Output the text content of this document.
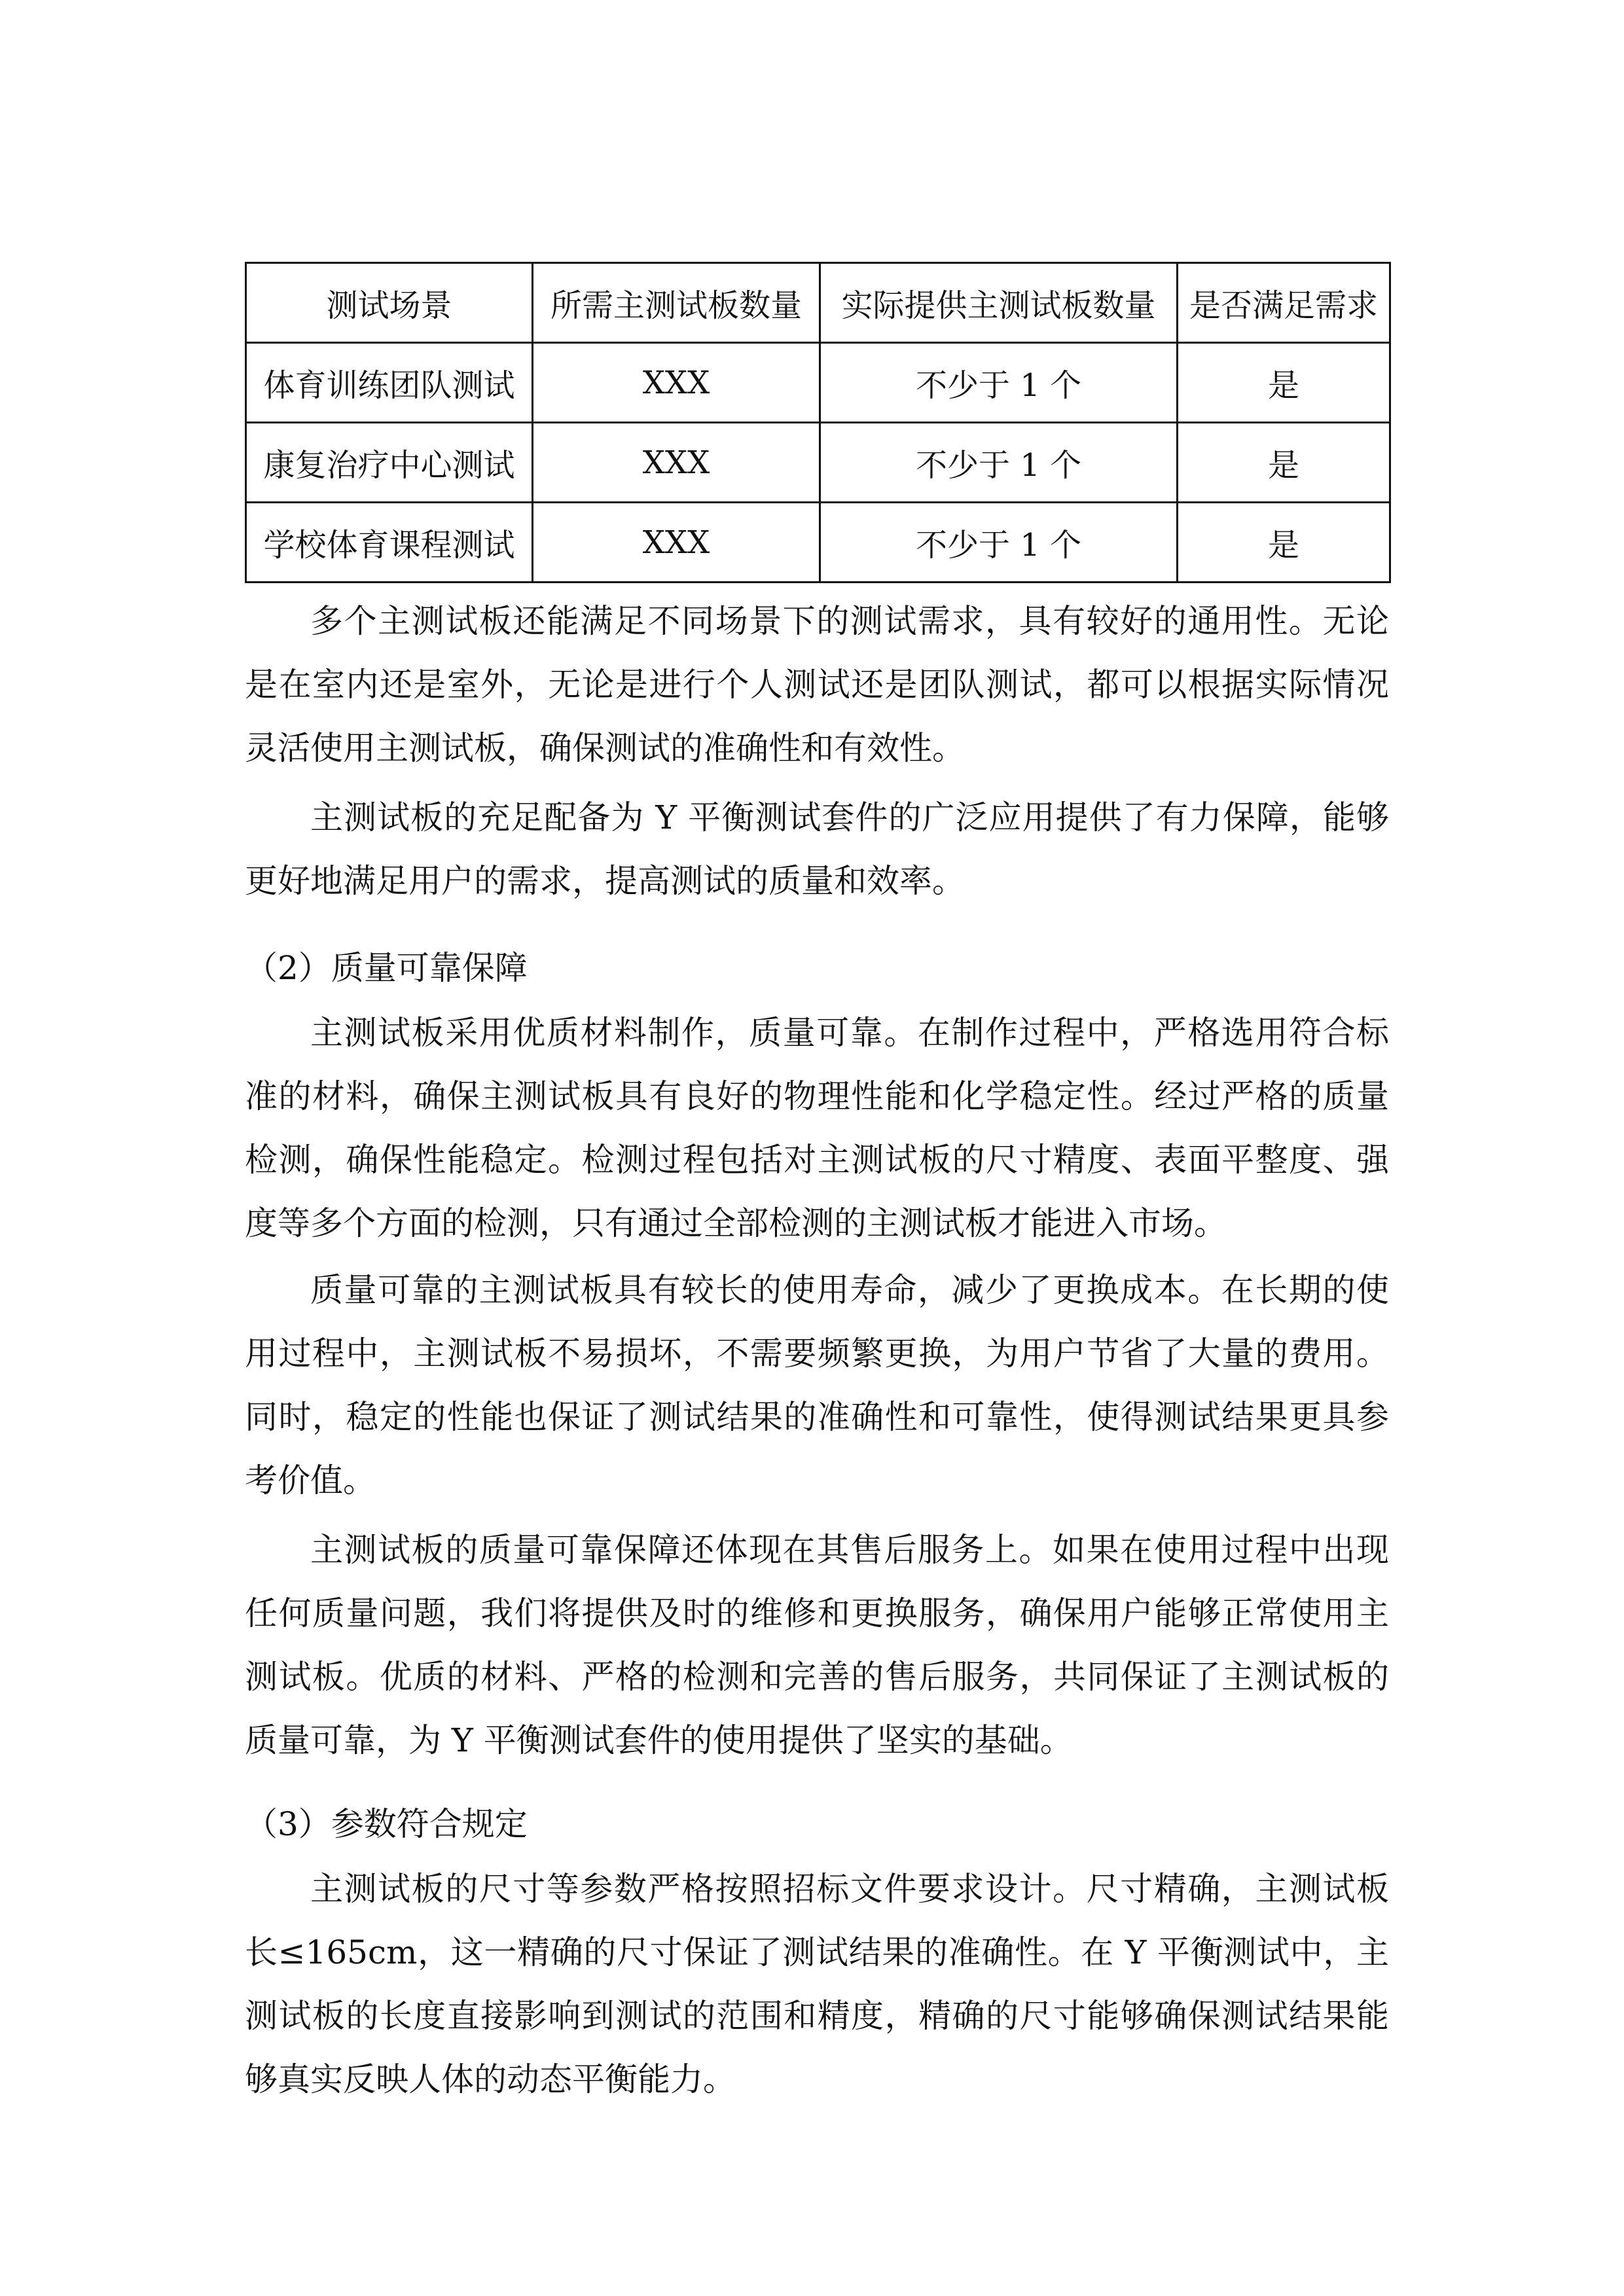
测试场景	所需主测试板数量	实际提供主测试板数量	是否满足需求
体育训练团队测试	XXX	不少于 1 个	是
康复治疗中心测试	XXX	不少于 1 个	是
学校体育课程测试	XXX	不少于 1 个	是
多个主测试板还能满足不同场景下的测试需求，具有较好的通用性。无论是在室内还是室外，无论是进行个人测试还是团队测试，都可以根据实际情况灵活使用主测试板，确保测试的准确性和有效性。
主测试板的充足配备为 Y 平衡测试套件的广泛应用提供了有力保障，能够更好地满足用户的需求，提高测试的质量和效率。
（2）质量可靠保障
主测试板采用优质材料制作，质量可靠。在制作过程中，严格选用符合标准的材料，确保主测试板具有良好的物理性能和化学稳定性。经过严格的质量检测，确保性能稳定。检测过程包括对主测试板的尺寸精度、表面平整度、强度等多个方面的检测，只有通过全部检测的主测试板才能进入市场。
质量可靠的主测试板具有较长的使用寿命，减少了更换成本。在长期的使用过程中，主测试板不易损坏，不需要频繁更换，为用户节省了大量的费用。同时，稳定的性能也保证了测试结果的准确性和可靠性，使得测试结果更具参考价值。
主测试板的质量可靠保障还体现在其售后服务上。如果在使用过程中出现任何质量问题，我们将提供及时的维修和更换服务，确保用户能够正常使用主测试板。优质的材料、严格的检测和完善的售后服务，共同保证了主测试板的质量可靠，为 Y 平衡测试套件的使用提供了坚实的基础。
（3）参数符合规定
主测试板的尺寸等参数严格按照招标文件要求设计。尺寸精确，主测试板长≤165cm，这一精确的尺寸保证了测试结果的准确性。在 Y 平衡测试中，主测试板的长度直接影响到测试的范围和精度，精确的尺寸能够确保测试结果能够真实反映人体的动态平衡能力。
